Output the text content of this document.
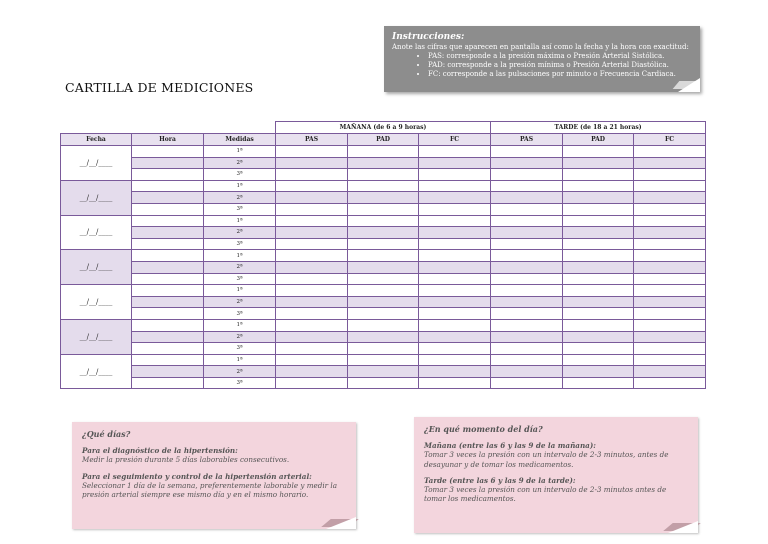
Instrucciones:
Anote las cifras que aparecen en pantalla así como la fecha y la hora con exactitud:
• PAS: corresponde a la presión máxima o Presión Arterial Sistólica.
• PAD: corresponde a la presión mínima o Presión Arterial Diastólica.
• FC: corresponde a las pulsaciones por minuto o Frecuencia Cardiaca.
CARTILLA DE MEDICIONES
			MAÑANA (de 6 a 9 horas)			TARDE (de 18 a 21 horas)		
Fecha	Hora	Medidas	PAS	PAD	FC	PAS	PAD	FC
__/__/____		1ª						
		2ª						
		3ª						
__/__/____		1ª						
		2ª						
		3ª						
__/__/____		1ª						
		2ª						
		3ª						
__/__/____		1ª						
		2ª						
		3ª						
__/__/____		1ª						
		2ª						
		3ª						
__/__/____		1ª						
		2ª						
		3ª						
__/__/____		1ª						
		2ª						
		3ª						
¿Qué días?

Para el diagnóstico de la hipertensión:
Medir la presión durante 5 días laborables consecutivos.

Para el seguimiento y control de la hipertensión arterial:
Seleccionar 1 día de la semana, preferentemente laborable y medir la presión arterial siempre ese mismo día y en el mismo horario.

¿En qué momento del día?

Mañana (entre las 6 y las 9 de la mañana):
Tomar 3 veces la presión con un intervalo de 2-3 minutos, antes de desayunar y de tomar los medicamentos.

Tarde (entre las 6 y las 9 de la tarde):
Tomar 3 veces la presión con un intervalo de 2-3 minutos antes de tomar los medicamentos.
